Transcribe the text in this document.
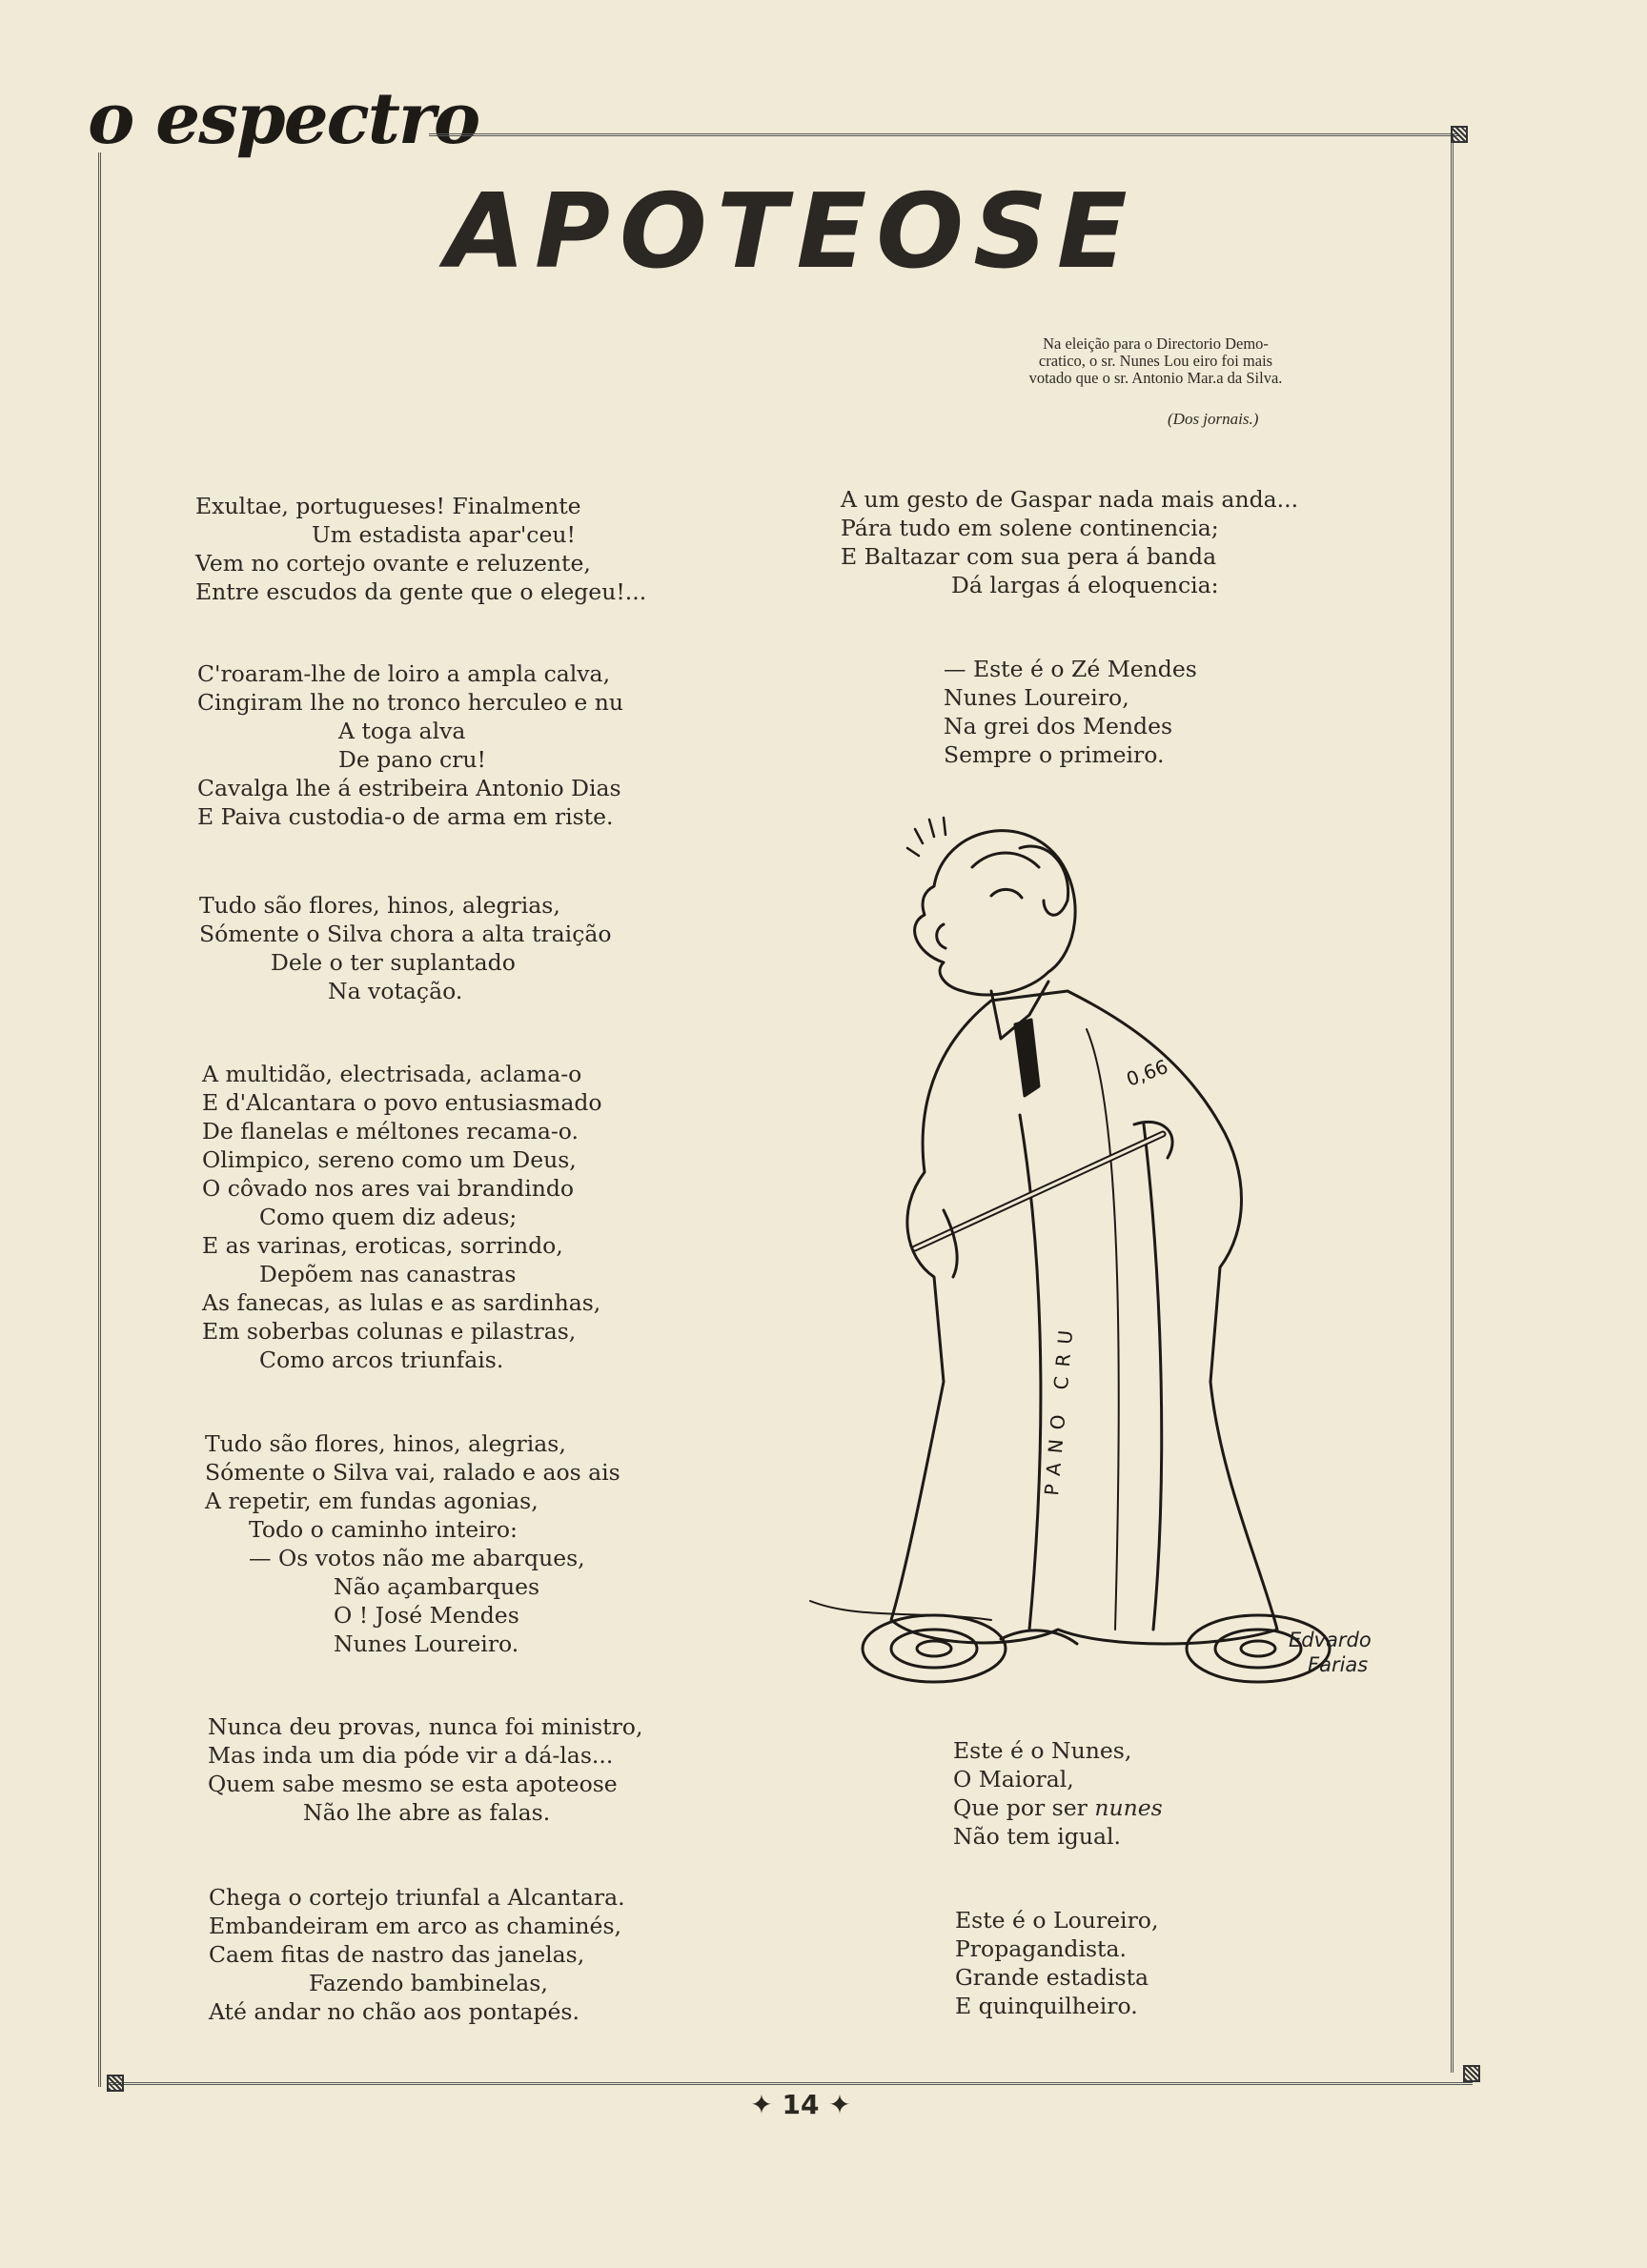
o espectro
APOTEOSE
Na eleição para o Directorio Demo-
cratico, o sr. Nunes Lou eiro foi mais
votado que o sr. Antonio Mar.a da Silva.
(Dos jornais.)
Exultae, portugueses! Finalmente
Um estadista apar'ceu!
Vem no cortejo ovante e reluzente,
Entre escudos da gente que o elegeu!...
C'roaram-lhe de loiro a ampla calva,
Cingiram lhe no tronco herculeo e nu
A toga alva
De pano cru!
Cavalga lhe á estribeira Antonio Dias
E Paiva custodia-o de arma em riste.
Tudo são flores, hinos, alegrias,
Sómente o Silva chora a alta traição
Dele o ter suplantado
Na votação.
A multidão, electrisada, aclama-o
E d'Alcantara o povo entusiasmado
De flanelas e méltones recama-o.
Olimpico, sereno como um Deus,
O côvado nos ares vai brandindo
Como quem diz adeus;
E as varinas, eroticas, sorrindo,
Depõem nas canastras
As fanecas, as lulas e as sardinhas,
Em soberbas colunas e pilastras,
Como arcos triunfais.
Tudo são flores, hinos, alegrias,
Sómente o Silva vai, ralado e aos ais
A repetir, em fundas agonias,
Todo o caminho inteiro:
— Os votos não me abarques,
Não açambarques
O ! José Mendes
Nunes Loureiro.
Nunca deu provas, nunca foi ministro,
Mas inda um dia póde vir a dá-las...
Quem sabe mesmo se esta apoteose
Não lhe abre as falas.
Chega o cortejo triunfal a Alcantara.
Embandeiram em arco as chaminés,
Caem fitas de nastro das janelas,
Fazendo bambinelas,
Até andar no chão aos pontapés.
A um gesto de Gaspar nada mais anda...
Pára tudo em solene continencia;
E Baltazar com sua pera á banda
Dá largas á eloquencia:
— Este é o Zé Mendes
Nunes Loureiro,
Na grei dos Mendes
Sempre o primeiro.
Este é o Nunes,
O Maioral,
Que por ser nunes
Não tem igual.
Este é o Loureiro,
Propagandista.
Grande estadista
E quinquilheiro.
0,66
PANO CRU
Edvardo
Farias
✦ 14 ✦
